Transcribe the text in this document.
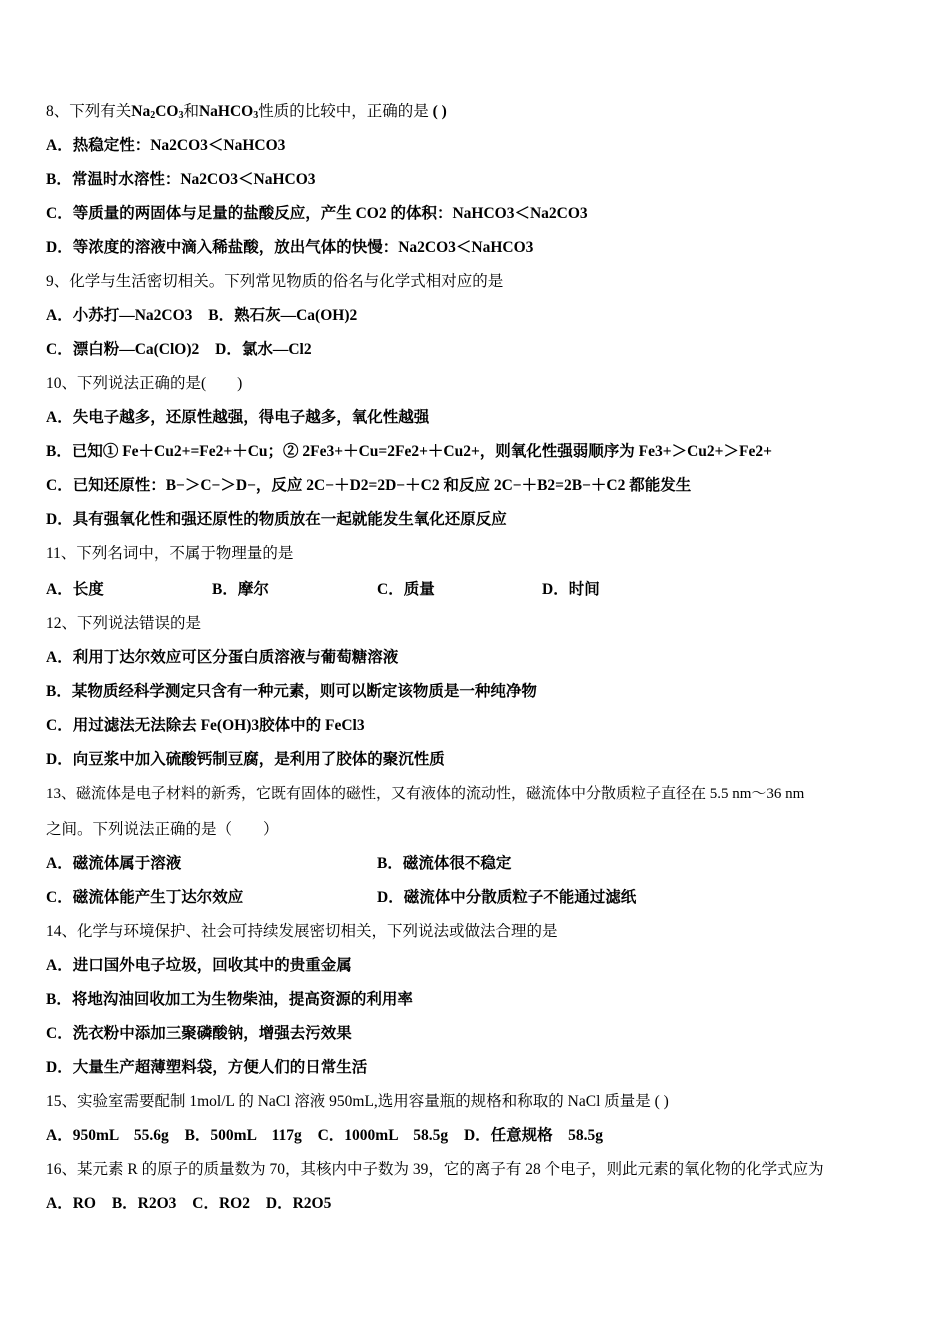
8、下列有关$Na_2CO_3$和NaHCO$_3$性质的比较中，正确的是 ( )
A．热稳定性：Na2CO3＜NaHCO3
B．常温时水溶性：Na2CO3＜NaHCO3
C．等质量的两固体与足量的盐酸反应，产生 CO2 的体积：NaHCO3＜Na2CO3
D．等浓度的溶液中滴入稀盐酸，放出气体的快慢：Na2CO3＜NaHCO3
9、化学与生活密切相关。下列常见物质的俗名与化学式相对应的是
A．小苏打—Na2CO3 B．熟石灰—Ca(OH)2
C．漂白粉—Ca(ClO)2 D．氯水—Cl2
10、下列说法正确的是(　　)
A．失电子越多，还原性越强，得电子越多，氧化性越强
B．已知① Fe＋Cu2+=Fe2+＋Cu；② 2Fe3+＋Cu=2Fe2+＋Cu2+，则氧化性强弱顺序为 Fe3+＞Cu2+＞Fe2+
C．已知还原性：B−＞C−＞D−，反应 2C−＋D2=2D−＋C2 和反应 2C−＋B2=2B−＋C2 都能发生
D．具有强氧化性和强还原性的物质放在一起就能发生氧化还原反应
11、下列名词中，不属于物理量的是
A．长度	B．摩尔	C．质量	D．时间
12、下列说法错误的是
A．利用丁达尔效应可区分蛋白质溶液与葡萄糖溶液
B．某物质经科学测定只含有一种元素，则可以断定该物质是一种纯净物
C．用过滤法无法除去 Fe(OH)3胶体中的 FeCl3
D．向豆浆中加入硫酸钙制豆腐，是利用了胶体的聚沉性质
13、磁流体是电子材料的新秀，它既有固体的磁性，又有液体的流动性，磁流体中分散质粒子直径在 5.5 nm～36 nm
之间。下列说法正确的是（　　）
A．磁流体属于溶液	B．磁流体很不稳定
C．磁流体能产生丁达尔效应	D．磁流体中分散质粒子不能通过滤纸
14、化学与环境保护、社会可持续发展密切相关，下列说法或做法合理的是
A．进口国外电子垃圾，回收其中的贵重金属
B．将地沟油回收加工为生物柴油，提高资源的利用率
C．洗衣粉中添加三聚磷酸钠，增强去污效果
D．大量生产超薄塑料袋，方便人们的日常生活
15、实验室需要配制 1mol/L 的 NaCl 溶液 950mL,选用容量瓶的规格和称取的 NaCl 质量是 ( )
A．950mL　55.6g B．500mL　117g C．1000mL　58.5g D．任意规格　58.5g
16、某元素 R 的原子的质量数为 70，其核内中子数为 39，它的离子有 28 个电子，则此元素的氧化物的化学式应为
A．RO B．R2O3 C．RO2 D．R2O5
